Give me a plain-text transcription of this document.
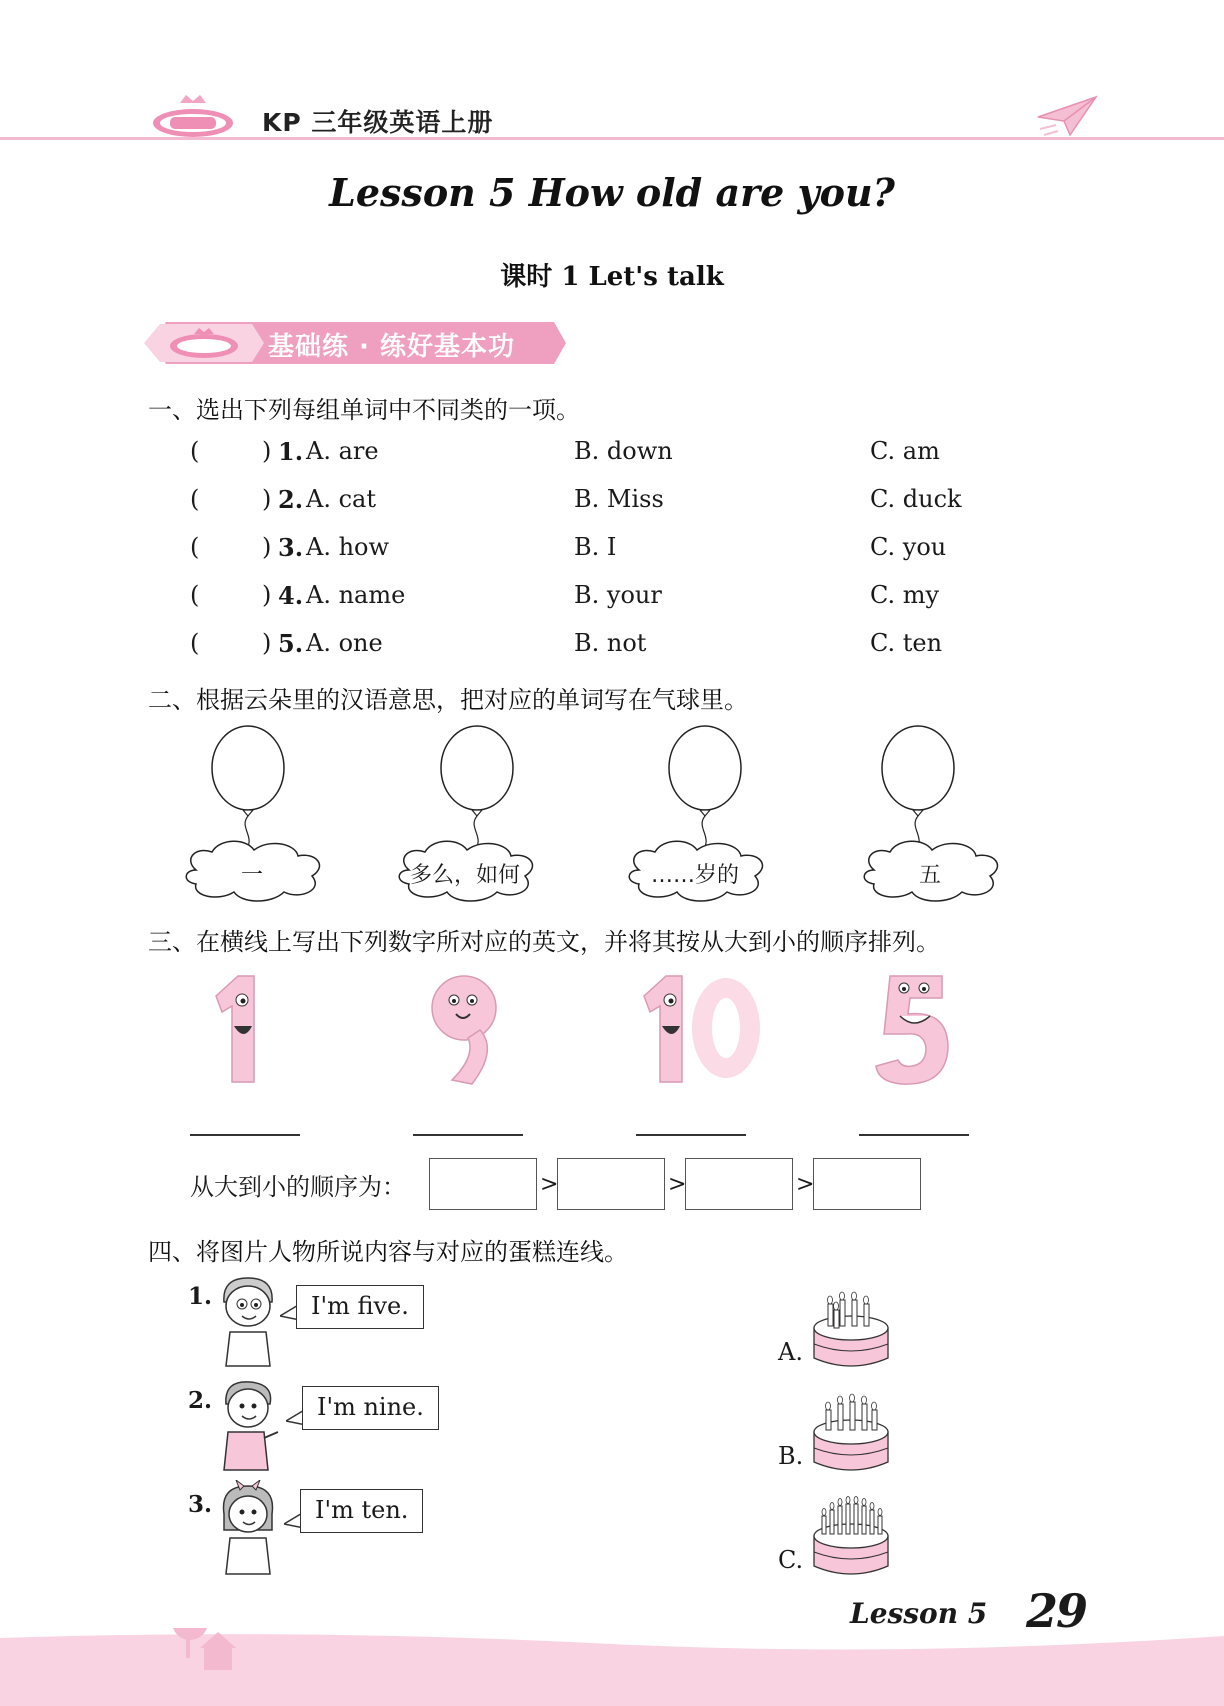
KP 三年级英语上册
Lesson 5 How old are you?
课时 1 Let's talk
基础练 · 练好基本功
一、选出下列每组单词中不同类的一项。
(	) 1. A. are	B. down	C. am
(	) 2. A. cat	B. Miss	C. duck
(	) 3. A. how	B. I	C. you
(	) 4. A. name	B. your	C. my
(	) 5. A. one	B. not	C. ten
二、根据云朵里的汉语意思，把对应的单词写在气球里。
一	多么，如何	……岁的	五
三、在横线上写出下列数字所对应的英文，并将其按从大到小的顺序排列。
从大到小的顺序为：	>	>	>
四、将图片人物所说内容与对应的蛋糕连线。
1.	I'm five.
2.	I'm nine.
3.	I'm ten.
A.
B.
C.
Lesson 5 29
